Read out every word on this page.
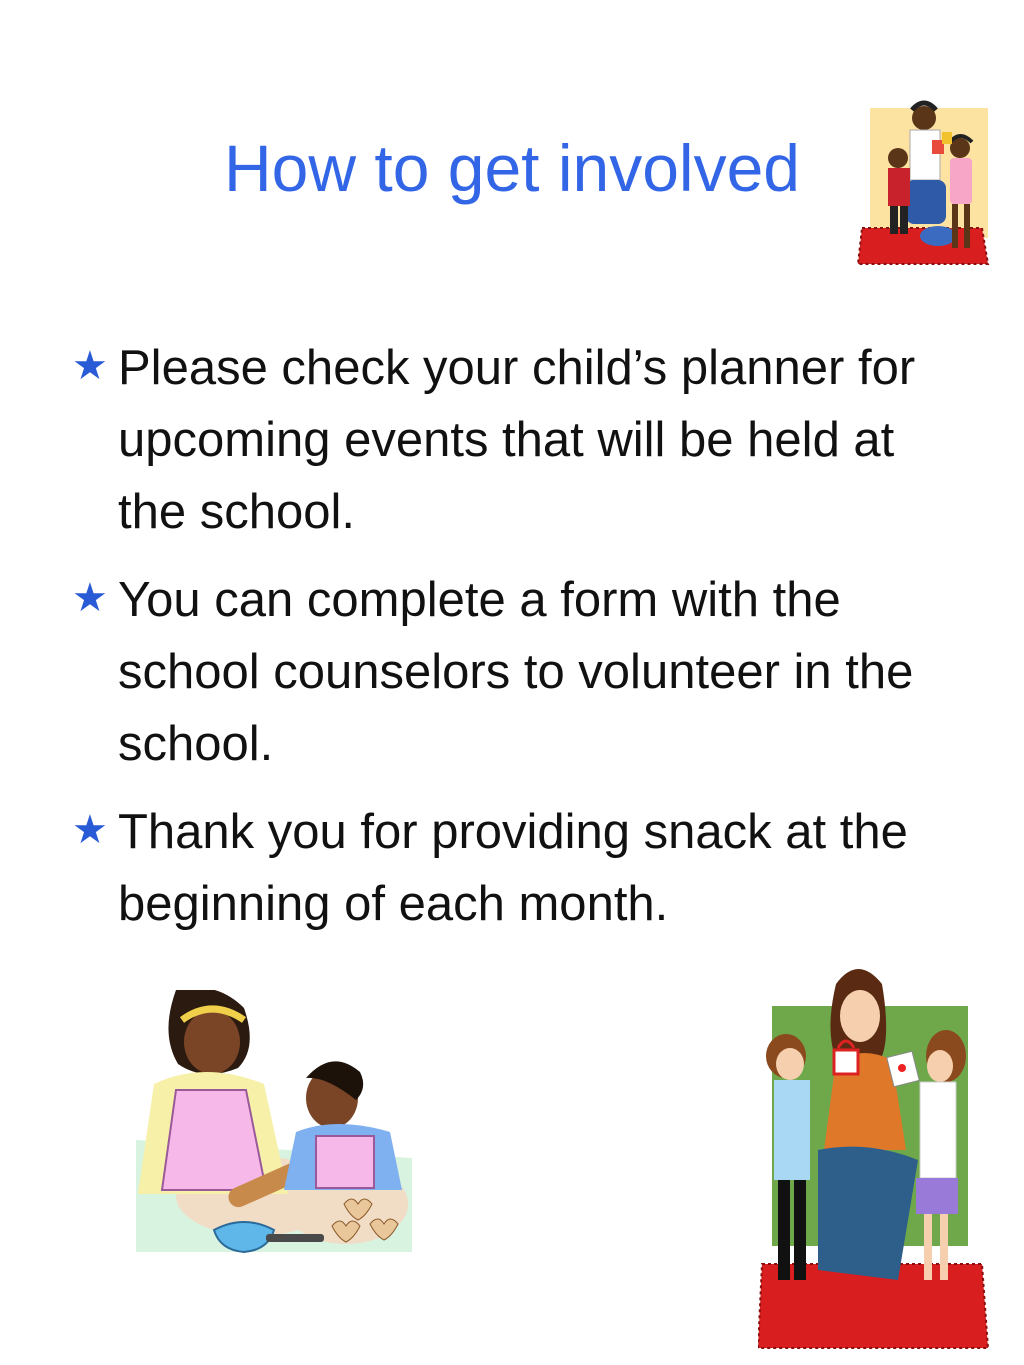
How to get involved
★ Please check your child’s planner for upcoming events that will be held at the school.
★ You can complete a form with the school counselors to volunteer in the school.
★ Thank you for providing snack at the beginning of each month.
